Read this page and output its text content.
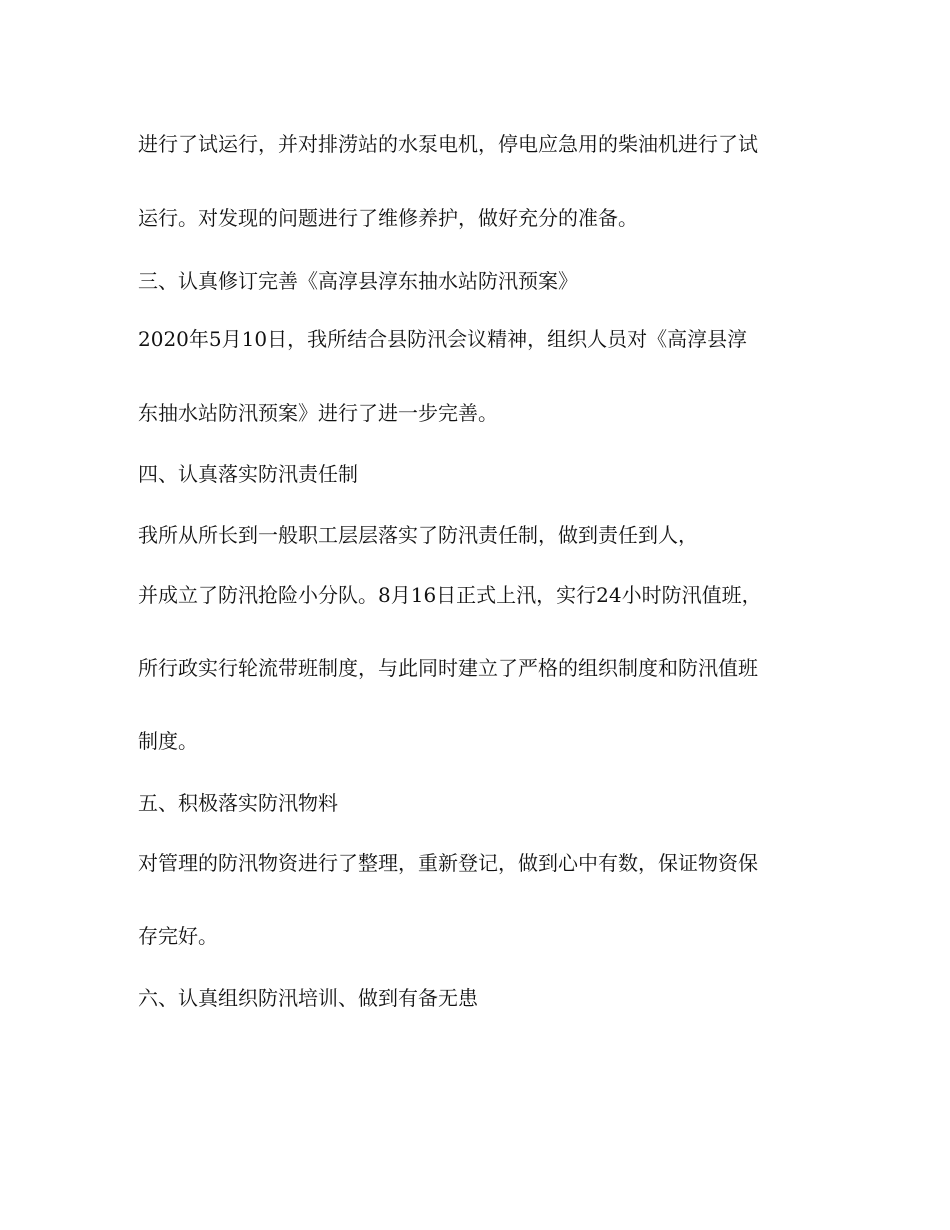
进行了试运行，并对排涝站的水泵电机，停电应急用的柴油机进行了试

运行。对发现的问题进行了维修养护，做好充分的准备。

三、认真修订完善《高淳县淳东抽水站防汛预案》

2020年5月10日，我所结合县防汛会议精神，组织人员对《高淳县淳

东抽水站防汛预案》进行了进一步完善。

四、认真落实防汛责任制

我所从所长到一般职工层层落实了防汛责任制，做到责任到人，

并成立了防汛抢险小分队。8月16日正式上汛，实行24小时防汛值班，

所行政实行轮流带班制度，与此同时建立了严格的组织制度和防汛值班

制度。

五、积极落实防汛物料

对管理的防汛物资进行了整理，重新登记，做到心中有数，保证物资保

存完好。

六、认真组织防汛培训、做到有备无患
